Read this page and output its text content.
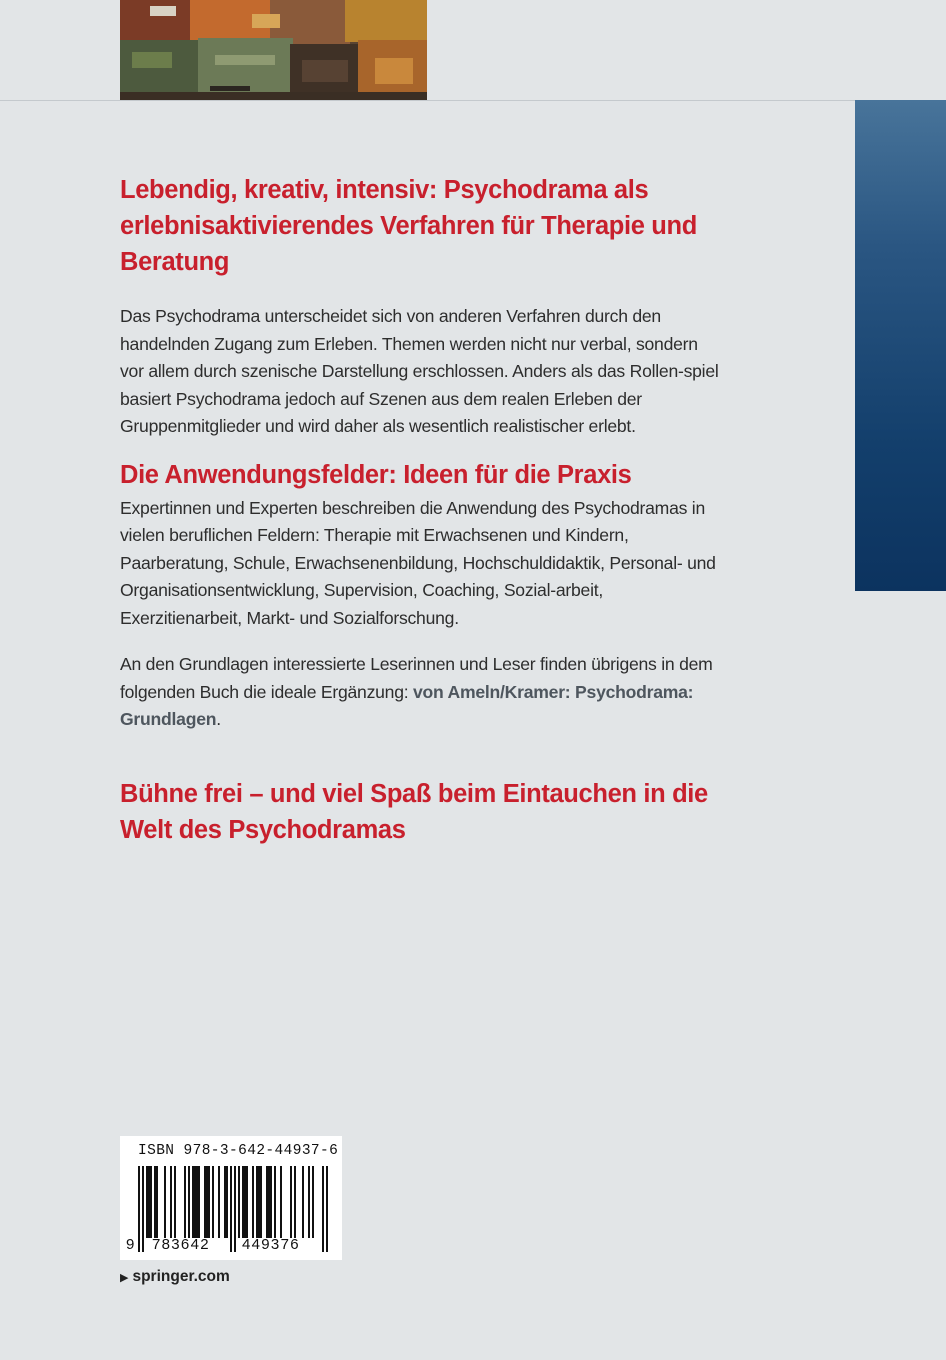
Lebendig, kreativ, intensiv: Psychodrama als erlebnisaktivierendes Verfahren für Therapie und Beratung

Das Psychodrama unterscheidet sich von anderen Verfahren durch den handelnden Zugang zum Erleben. Themen werden nicht nur verbal, sondern vor allem durch szenische Darstellung erschlossen. Anders als das Rollen-spiel basiert Psychodrama jedoch auf Szenen aus dem realen Erleben der Gruppenmitglieder und wird daher als wesentlich realistischer erlebt.

Die Anwendungsfelder: Ideen für die Praxis

Expertinnen und Experten beschreiben die Anwendung des Psychodramas in vielen beruflichen Feldern: Therapie mit Erwachsenen und Kindern, Paarberatung, Schule, Erwachsenenbildung, Hochschuldidaktik, Personal- und Organisationsentwicklung, Supervision, Coaching, Sozial-arbeit, Exerzitienarbeit, Markt- und Sozialforschung.

An den Grundlagen interessierte Leserinnen und Leser finden übrigens in dem folgenden Buch die ideale Ergänzung: von Ameln/Kramer: Psychodrama: Grundlagen.

Bühne frei – und viel Spaß beim Eintauchen in die Welt des Psychodramas
ISBN 978-3-642-44937-6
9 783642 449376
▶ springer.com
